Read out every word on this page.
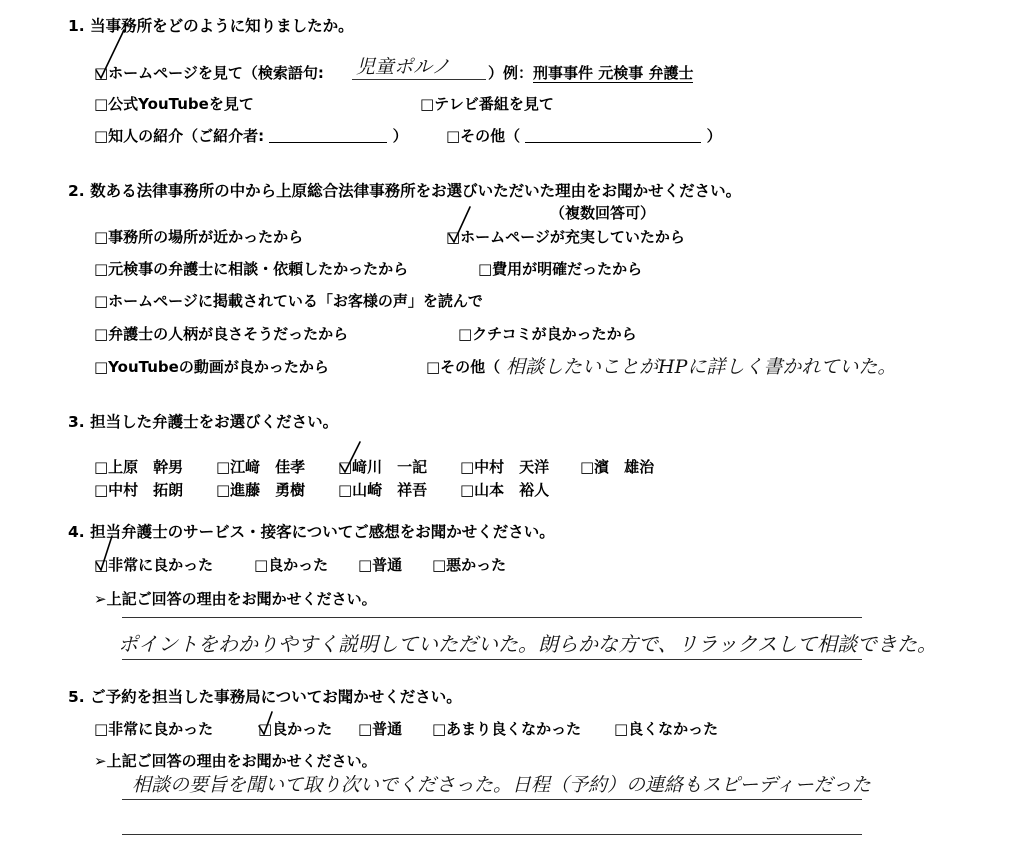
1. 当事務所をどのように知りましたか。
□ホームページを見て（検索語句: 児童ポルノ	）例：刑事事件 元検事 弁護士
□公式YouTubeを見て	□テレビ番組を見て
□知人の紹介（ご紹介者:	）	□その他（	）
2. 数ある法律事務所の中から上原総合法律事務所をお選びいただいた理由をお聞かせください。
（複数回答可）
□事務所の場所が近かったから	□ホームページが充実していたから
□元検事の弁護士に相談・依頼したかったから	□費用が明確だったから
□ホームページに掲載されている「お客様の声」を読んで
□弁護士の人柄が良さそうだったから	□クチコミが良かったから
□YouTubeの動画が良かったから	□その他（ 相談したいことがHPに詳しく書かれていた。
3. 担当した弁護士をお選びください。
□上原　幹男 □江﨑　佳孝 □﨑川　一記 □中村　天洋 □濱　雄治
□中村　拓朗 □進藤　勇樹 □山崎　祥吾 □山本　裕人
4. 担当弁護士のサービス・接客についてご感想をお聞かせください。
□非常に良かった	□良かった □普通 □悪かった
➢上記ご回答の理由をお聞かせください。
ポイントをわかりやすく説明していただいた。朗らかな方で、リラックスして相談できた。
5. ご予約を担当した事務局についてお聞かせください。
□非常に良かった	□良かった □普通 □あまり良くなかった □良くなかった
➢上記ご回答の理由をお聞かせください。
相談の要旨を聞いて取り次いでくださった。日程（予約）の連絡もスピーディーだった
